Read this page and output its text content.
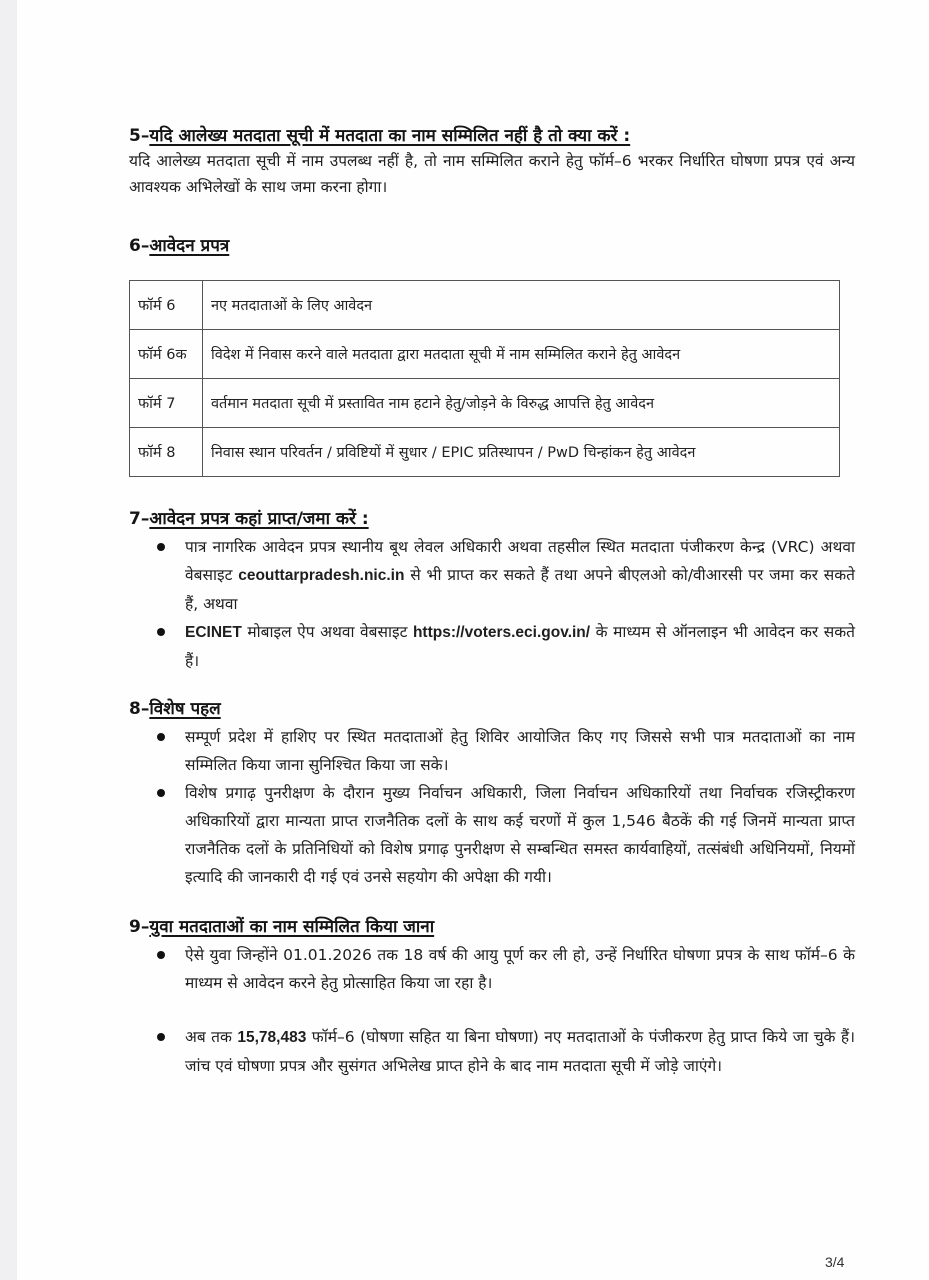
5–यदि आलेख्य मतदाता सूची में मतदाता का नाम सम्मिलित नहीं है तो क्या करें :

यदि आलेख्य मतदाता सूची में नाम उपलब्ध नहीं है, तो नाम सम्मिलित कराने हेतु फॉर्म–6 भरकर निर्धारित घोषणा प्रपत्र एवं अन्य आवश्यक अभिलेखों के साथ जमा करना होगा।

6–आवेदन प्रपत्र
फॉर्म 6	नए मतदाताओं के लिए आवेदन
फॉर्म 6क	विदेश में निवास करने वाले मतदाता द्वारा मतदाता सूची में नाम सम्मिलित कराने हेतु आवेदन
फॉर्म 7	वर्तमान मतदाता सूची में प्रस्तावित नाम हटाने हेतु/जोड़ने के विरुद्ध आपत्ति हेतु आवेदन
फॉर्म 8	निवास स्थान परिवर्तन / प्रविष्टियों में सुधार / EPIC प्रतिस्थापन / PwD चिन्हांकन हेतु आवेदन
7–आवेदन प्रपत्र कहां प्राप्त/जमा करें :
पात्र नागरिक आवेदन प्रपत्र स्थानीय बूथ लेवल अधिकारी अथवा तहसील स्थित मतदाता पंजीकरण केन्द्र (VRC) अथवा वेबसाइट ceouttarpradesh.nic.in से भी प्राप्त कर सकते हैं तथा अपने बीएलओ को/वीआरसी पर जमा कर सकते हैं, अथवा
ECINET मोबाइल ऐप अथवा वेबसाइट https://voters.eci.gov.in/ के माध्यम से ऑनलाइन भी आवेदन कर सकते हैं।
8–विशेष पहल
सम्पूर्ण प्रदेश में हाशिए पर स्थित मतदाताओं हेतु शिविर आयोजित किए गए जिससे सभी पात्र मतदाताओं का नाम सम्मिलित किया जाना सुनिश्चित किया जा सके।
विशेष प्रगाढ़ पुनरीक्षण के दौरान मुख्य निर्वाचन अधिकारी, जिला निर्वाचन अधिकारियों तथा निर्वाचक रजिस्ट्रीकरण अधिकारियों द्वारा मान्यता प्राप्त राजनैतिक दलों के साथ कई चरणों में कुल 1,546 बैठकें की गई जिनमें मान्यता प्राप्त राजनैतिक दलों के प्रतिनिधियों को विशेष प्रगाढ़ पुनरीक्षण से सम्बन्धित समस्त कार्यवाहियों, तत्संबंधी अधिनियमों, नियमों इत्यादि की जानकारी दी गई एवं उनसे सहयोग की अपेक्षा की गयी।
9–युवा मतदाताओं का नाम सम्मिलित किया जाना
ऐसे युवा जिन्होंने 01.01.2026 तक 18 वर्ष की आयु पूर्ण कर ली हो, उन्हें निर्धारित घोषणा प्रपत्र के साथ फॉर्म–6 के माध्यम से आवेदन करने हेतु प्रोत्साहित किया जा रहा है।
अब तक 15,78,483 फॉर्म–6 (घोषणा सहित या बिना घोषणा) नए मतदाताओं के पंजीकरण हेतु प्राप्त किये जा चुके हैं। जांच एवं घोषणा प्रपत्र और सुसंगत अभिलेख प्राप्त होने के बाद नाम मतदाता सूची में जोड़े जाएंगे।
3/4
